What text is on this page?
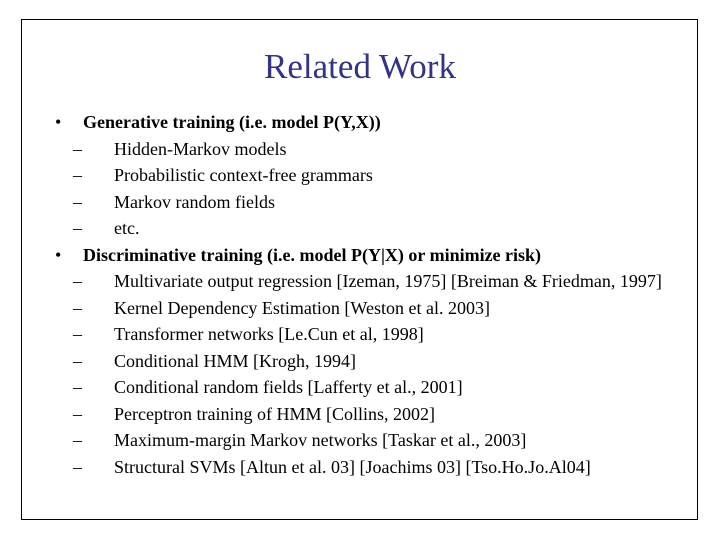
Related Work
• Generative training (i.e. model P(Y,X))
– Hidden-Markov models
– Probabilistic context-free grammars
– Markov random fields
– etc.
• Discriminative training (i.e. model P(Y|X) or minimize risk)
– Multivariate output regression [Izeman, 1975] [Breiman & Friedman, 1997]
– Kernel Dependency Estimation [Weston et al. 2003]
– Transformer networks [Le.Cun et al, 1998]
– Conditional HMM [Krogh, 1994]
– Conditional random fields [Lafferty et al., 2001]
– Perceptron training of HMM [Collins, 2002]
– Maximum-margin Markov networks [Taskar et al., 2003]
– Structural SVMs [Altun et al. 03] [Joachims 03] [Tso.Ho.Jo.Al04]
